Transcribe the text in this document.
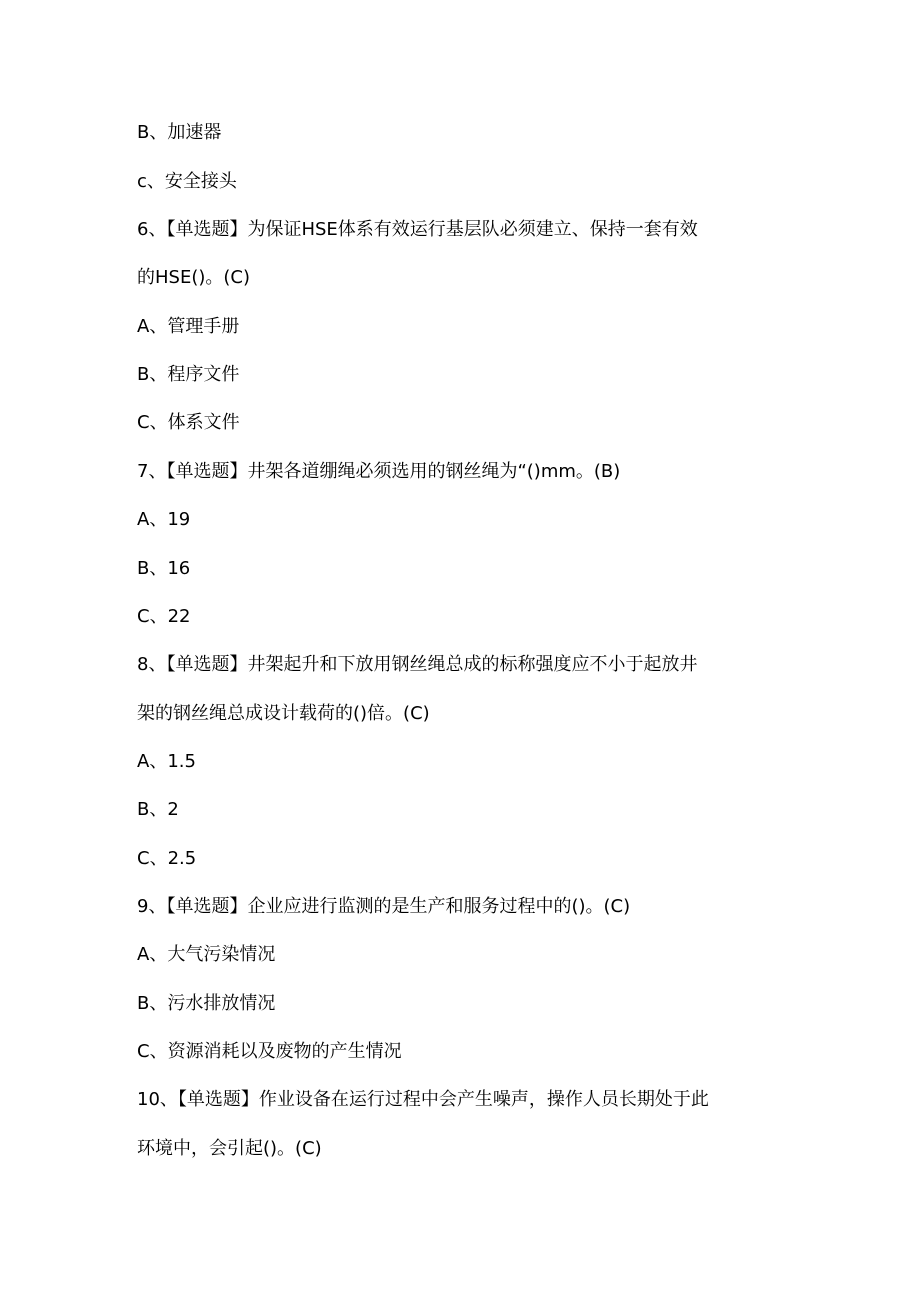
B、加速器
c、安全接头
6、【单选题】为保证HSE体系有效运行基层队必须建立、保持一套有效
的HSE()。(C)
A、管理手册
B、程序文件
C、体系文件
7、【单选题】井架各道绷绳必须选用的钢丝绳为“()mm。(B)
A、19
B、16
C、22
8、【单选题】井架起升和下放用钢丝绳总成的标称强度应不小于起放井
架的钢丝绳总成设计载荷的()倍。(C)
A、1.5
B、2
C、2.5
9、【单选题】企业应进行监测的是生产和服务过程中的()。(C)
A、大气污染情况
B、污水排放情况
C、资源消耗以及废物的产生情况
10、【单选题】作业设备在运行过程中会产生噪声，操作人员长期处于此
环境中，会引起()。(C)
